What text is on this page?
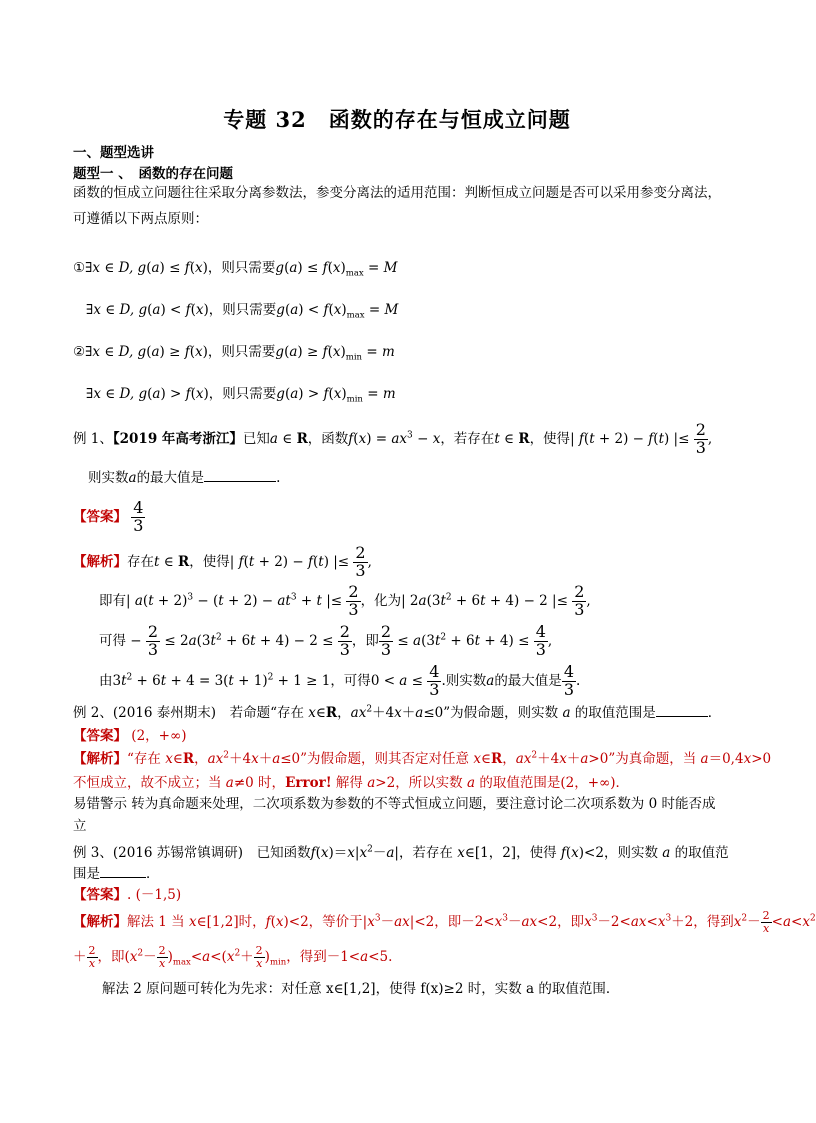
专题 32　函数的存在与恒成立问题
一、题型选讲
题型一 、　函数的存在问题
函数的恒成立问题往往采取分离参数法，参变分离法的适用范围：判断恒成立问题是否可以采用参变分离法，可遵循以下两点原则：
①∃x ∈ D, g(a) ≤ f(x)，则只需要$g(a) \le f(x)_{max} = M$
∃x ∈ D, g(a) < f(x)，则只需要$g(a) < f(x)_{max} = M$
②∃x ∈ D, g(a) ≥ f(x)，则只需要$g(a) \ge f(x)_{min} = m$
∃x ∈ D, g(a) > f(x)，则只需要$g(a) > f(x)_{min} = m$
例 1、【2019 年高考浙江】已知a ∈ R，函数$f(x) = ax^3 - x$，若存在t ∈ R，使得| f(t + 2) − f(t) |≤ $\frac{2}{3}$ ,
则实数a的最大值是	.
【答案】 $\frac{4}{3}$
【解析】存在t ∈ R，使得| f(t + 2) − f(t) |≤ $\frac{2}{3}$ ,
即有| $a(t + 2)^3 - (t + 2) - at^3 + t$ |≤ $\frac{2}{3}$ ，化为| $2a(3t^2 + 6t + 4) - 2$ |≤ $\frac{2}{3}$ ,
可得 − $\frac{2}{3} \le 2a(3t^2 + 6t + 4) - 2 \le \frac{2}{3}$ ，即 $\frac{2}{3} \le a(3t^2 + 6t + 4) \le \frac{4}{3}$ ,
由$3t^2 + 6t + 4 = 3(t + 1)^2 + 1 \ge 1$，可得$0 < a \le \frac{4}{3}$ .则实数a的最大值是 $\frac{4}{3}$ .
例 2、(2016 泰州期末)　若命题“存在 x∈R，$ax^2+4x+a\le 0$”为假命题，则实数 a 的取值范围是	．
【答案】 (2，+∞)
【解析】“存在 x∈R，$ax^2+4x+a\le 0$”为假命题，则其否定对任意 x∈R，$ax^2+4x+a>0$”为真命题，当 a＝0,4x>0
不恒成立，故不成立；当 a≠0 时，Error! 解得 a>2，所以实数 a 的取值范围是(2，+∞)．
易错警示 转为真命题来处理，二次项系数为参数的不等式恒成立问题，要注意讨论二次项系数为 0 时能否成立
例 3、(2016 苏锡常镇调研)　已知函数$f(x)=x|x^2-a|$，若存在 x∈[1，2]，使得 f(x)<2，则实数 a 的取值范
围是	．
【答案】. (－1,5)
【解析】解法 1 当 x∈[1,2]时，f(x)<2，等价于$|x^3-ax|<2$，即$-2<x^3-ax<2$，即$x^3-2<ax<x^3+2$，得到$x^2- \frac{2}{x} <a<x^2$
＋ $\frac{2}{x}$ ，即$(x^2- \frac{2}{x} )_{max}<a<(x^2+ \frac{2}{x} )_{min}$，得到－1<a<5.
解法 2 原问题可转化为先求：对任意 x∈[1,2]，使得 f(x)≥2 时，实数 a 的取值范围．
